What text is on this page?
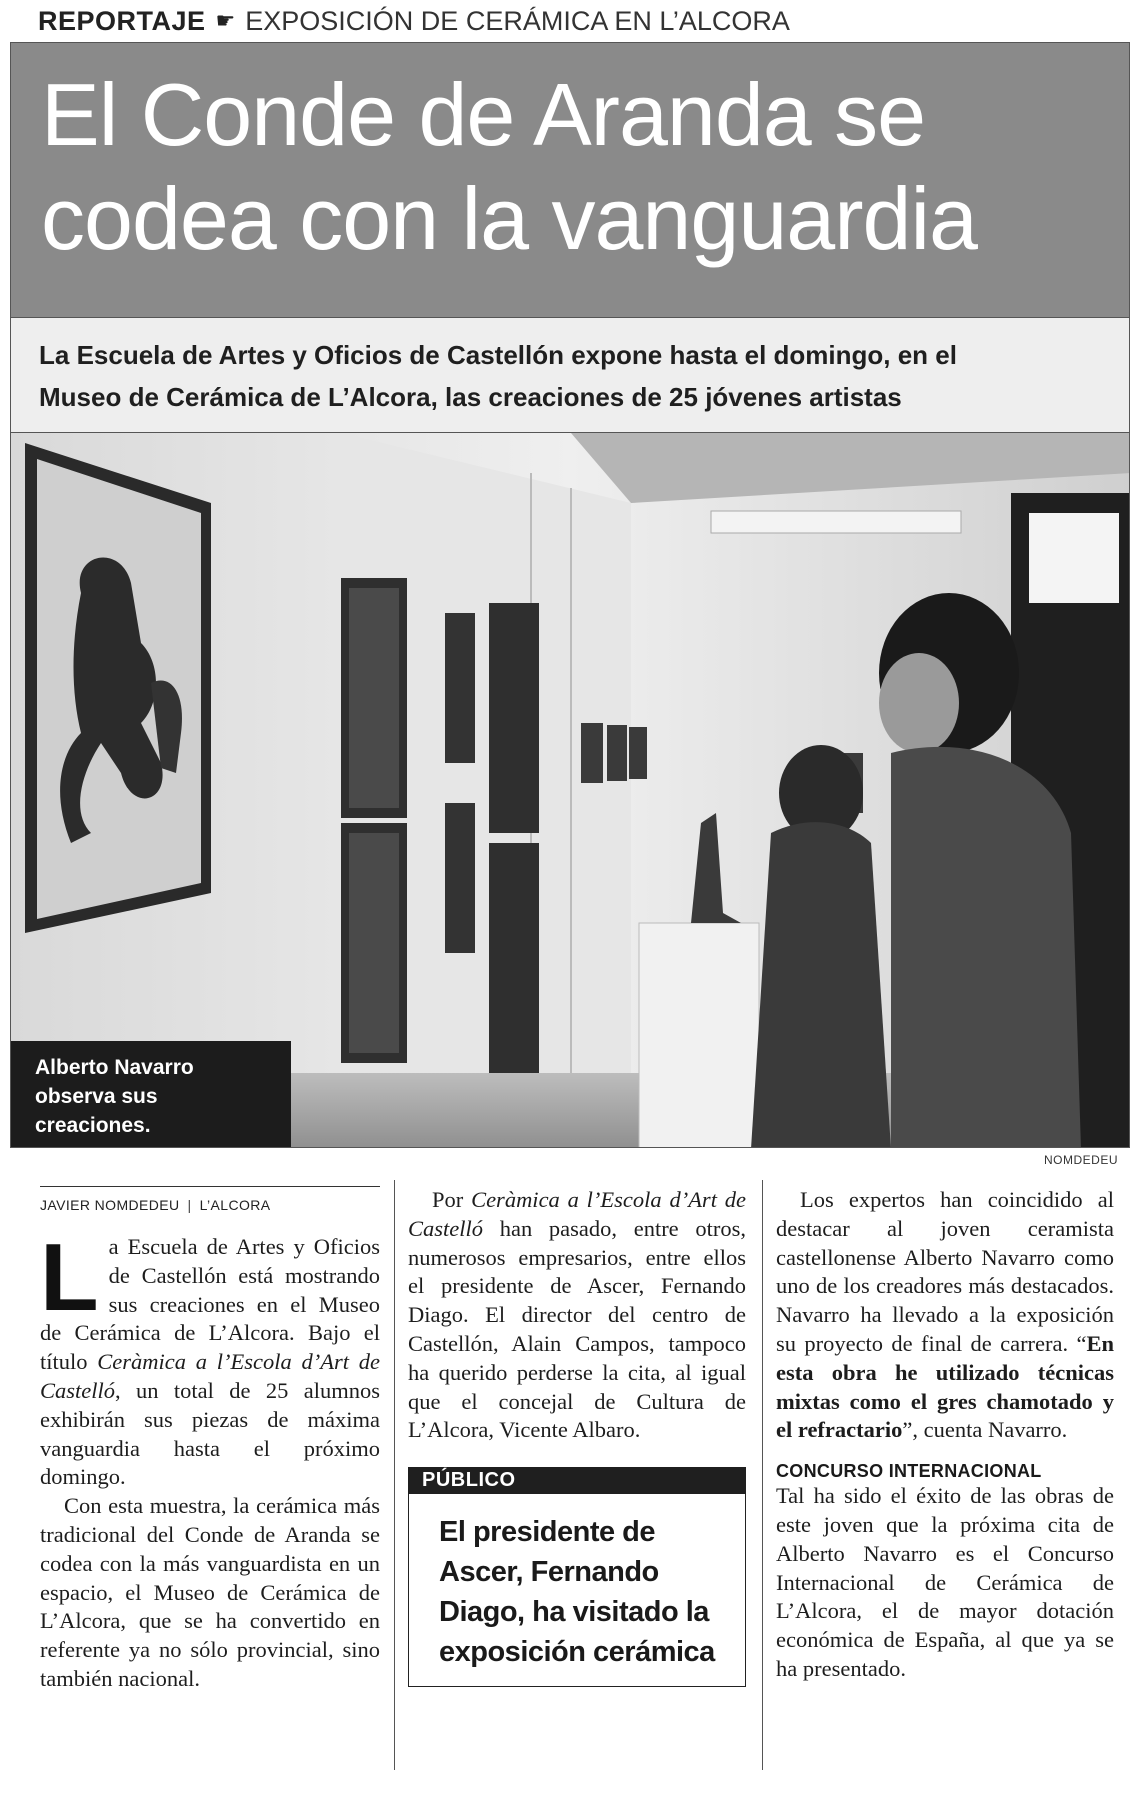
REPORTAJE ☛ EXPOSICIÓN DE CERÁMICA EN L’ALCORA
El Conde de Aranda se
codea con la vanguardia
La Escuela de Artes y Oficios de Castellón expone hasta el domingo, en el
Museo de Cerámica de L’Alcora, las creaciones de 25 jóvenes artistas
Alberto Navarro
observa sus
creaciones.
NOMDEDEU
JAVIER NOMDEDEU | L’ALCORA

La Escuela de Artes y Oficios de Castellón está mostrando sus creaciones en el Museo de Cerámica de L’Alcora. Bajo el título Ceràmica a l’Escola d’Art de Castelló, un total de 25 alumnos exhibirán sus piezas de máxima vanguardia hasta el próximo domingo.

Con esta muestra, la cerámica más tradicional del Conde de Aranda se codea con la más vanguardista en un espacio, el Museo de Cerámica de L’Alcora, que se ha convertido en referente ya no sólo provincial, sino también nacional.

Por Ceràmica a l’Escola d’Art de Castelló han pasado, entre otros, numerosos empresarios, entre ellos el presidente de Ascer, Fernando Diago. El director del centro de Castellón, Alain Campos, tampoco ha querido perderse la cita, al igual que el concejal de Cultura de L’Alcora, Vicente Albaro.

PÚBLICO
El presidente de Ascer, Fernando Diago, ha visitado la exposición cerámica

Los expertos han coincidido al destacar al joven ceramista castellonense Alberto Navarro como uno de los creadores más destacados. Navarro ha llevado a la exposición su proyecto de final de carrera. “En esta obra he utilizado técnicas mixtas como el gres chamotado y el refractario”, cuenta Navarro.

CONCURSO INTERNACIONAL

Tal ha sido el éxito de las obras de este joven que la próxima cita de Alberto Navarro es el Concurso Internacional de Cerámica de L’Alcora, el de mayor dotación económica de España, al que ya se ha presentado.
